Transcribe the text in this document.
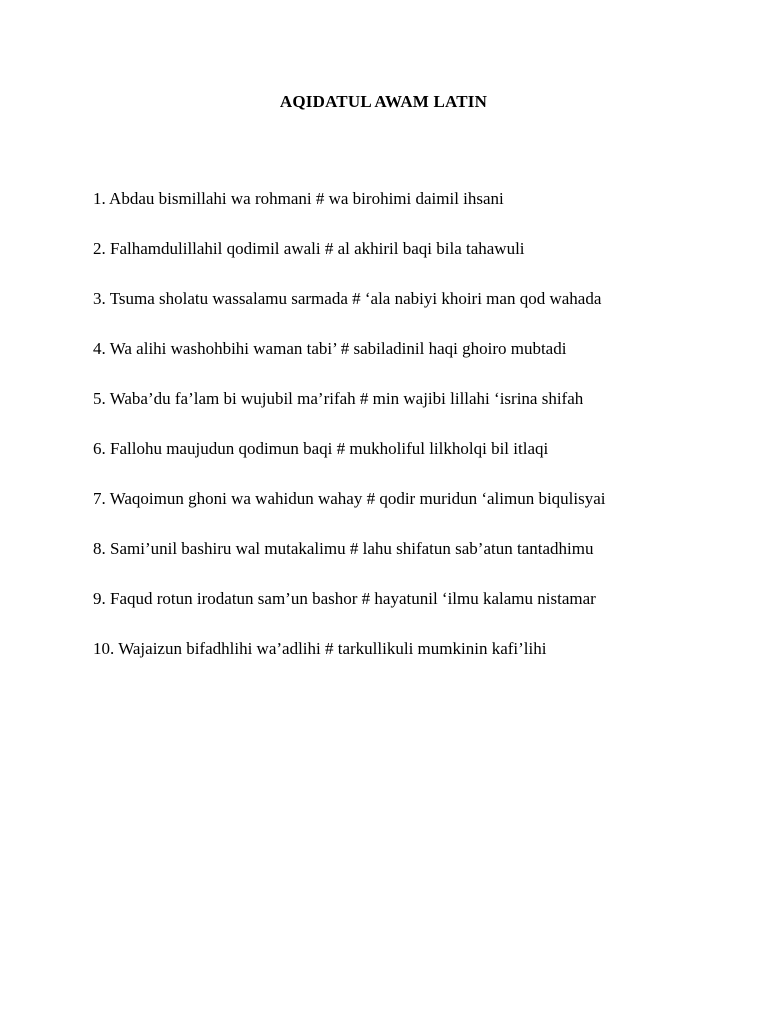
AQIDATUL AWAM LATIN
1. Abdau bismillahi wa rohmani # wa birohimi daimil ihsani
2. Falhamdulillahil qodimil awali # al akhiril baqi bila tahawuli
3. Tsuma sholatu wassalamu sarmada # ‘ala nabiyi khoiri man qod wahada
4. Wa alihi washohbihi waman tabi’ # sabiladinil haqi ghoiro mubtadi
5. Waba’du fa’lam bi wujubil ma’rifah # min wajibi lillahi ‘isrina shifah
6. Fallohu maujudun qodimun baqi # mukholiful lilkholqi bil itlaqi
7. Waqoimun ghoni wa wahidun wahay # qodir muridun ‘alimun biqulisyai
8. Sami’unil bashiru wal mutakalimu # lahu shifatun sab’atun tantadhimu
9. Faqud rotun irodatun sam’un bashor # hayatunil ‘ilmu kalamu nistamar
10. Wajaizun bifadhlihi wa’adlihi # tarkullikuli mumkinin kafi’lihi
